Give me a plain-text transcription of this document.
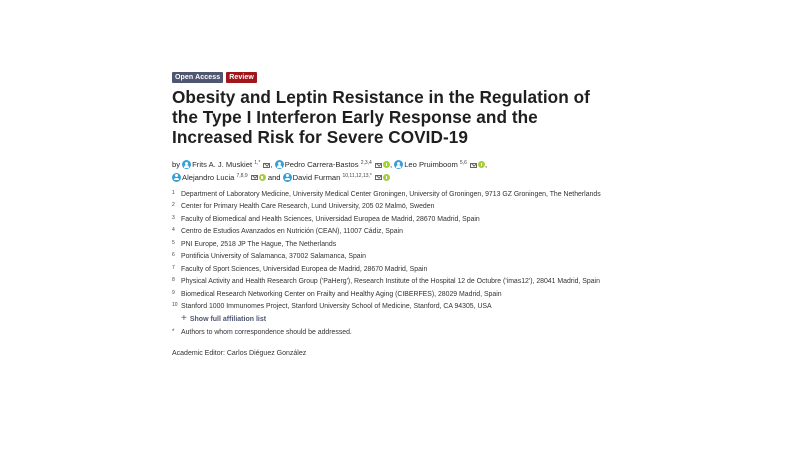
Open Access	Review
Obesity and Leptin Resistance in the Regulation of the Type I Interferon Early Response and the Increased Risk for Severe COVID-19
by Frits A. J. Muskiet $^{1,*}$ , Pedro Carrera-Bastos $^{2,3,4}$ , Leo Pruimboom $^{5,6}$ ,
Alejandro Lucia $^{7,8,9}$	and David Furman $^{10,11,12,13,*}$
1 Department of Laboratory Medicine, University Medical Center Groningen, University of Groningen, 9713 GZ Groningen, The Netherlands
2 Center for Primary Health Care Research, Lund University, 205 02 Malmö, Sweden
3 Faculty of Biomedical and Health Sciences, Universidad Europea de Madrid, 28670 Madrid, Spain
4 Centro de Estudios Avanzados en Nutrición (CEAN), 11007 Cádiz, Spain
5 PNI Europe, 2518 JP The Hague, The Netherlands
6 Pontificia University of Salamanca, 37002 Salamanca, Spain
7 Faculty of Sport Sciences, Universidad Europea de Madrid, 28670 Madrid, Spain
8 Physical Activity and Health Research Group ('PaHerg'), Research Institute of the Hospital 12 de Octubre ('imas12'), 28041 Madrid, Spain
9 Biomedical Research Networking Center on Frailty and Healthy Aging (CIBERFES), 28029 Madrid, Spain
10 Stanford 1000 Immunomes Project, Stanford University School of Medicine, Stanford, CA 94305, USA
+ Show full affiliation list
* Authors to whom correspondence should be addressed.
Academic Editor: Carlos Diéguez González
